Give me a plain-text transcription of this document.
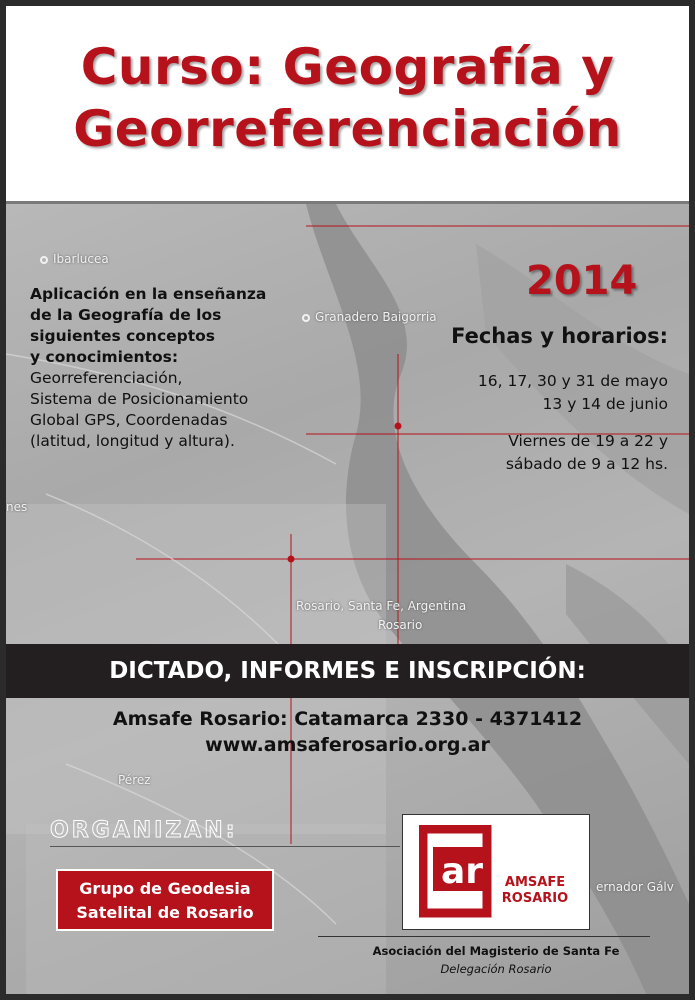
Curso: Geografía y
Georreferenciación
Ibarlucea
Granadero Baigorria
nes
Rosario, Santa Fe, Argentina
Rosario
Pérez
ernador Gálv
Aplicación en la enseñanza
de la Geografía de los
siguientes conceptos
y conocimientos:
Georreferenciación,
Sistema de Posicionamiento
Global GPS, Coordenadas
(latitud, longitud y altura).
2014
Fechas y horarios:
16, 17, 30 y 31 de mayo
13 y 14 de junio
Viernes de 19 a 22 y
sábado de 9 a 12 hs.
DICTADO, INFORMES E INSCRIPCIÓN:
Amsafe Rosario: Catamarca 2330 - 4371412
www.amsaferosario.org.ar
ORGANIZAN:
Grupo de Geodesia
Satelital de Rosario
ar	AMSAFE
ROSARIO
Asociación del Magisterio de Santa Fe
Delegación Rosario
